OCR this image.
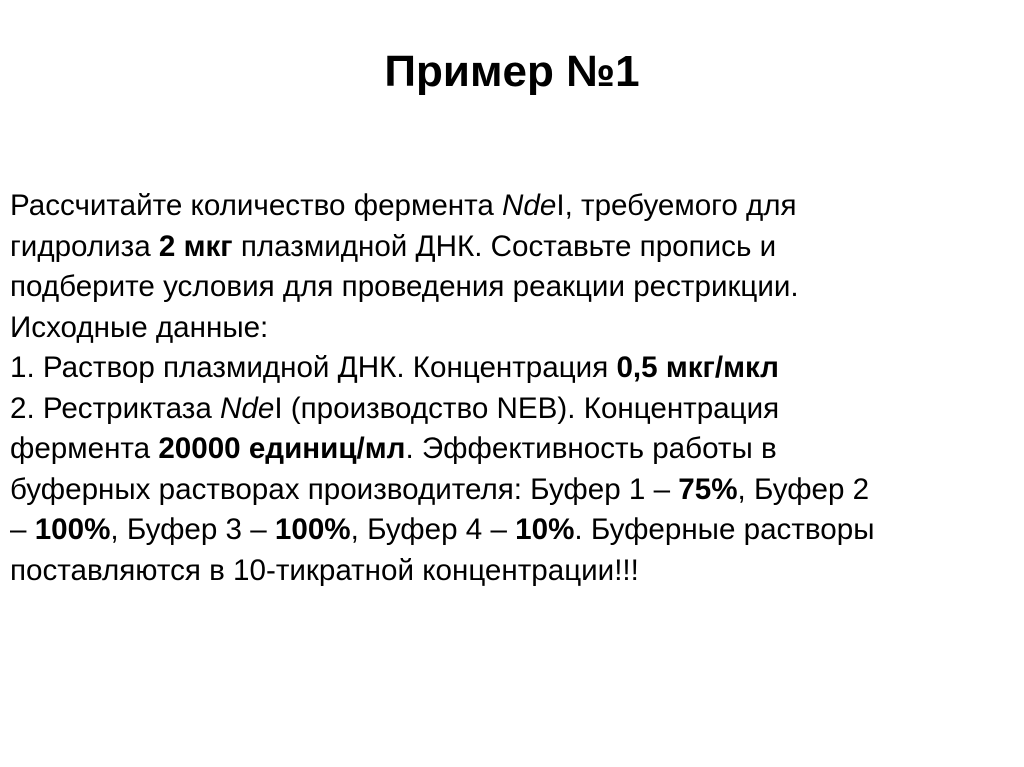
Пример №1
Рассчитайте количество фермента NdeI, требуемого для
гидролиза 2 мкг плазмидной ДНК. Составьте пропись и
подберите условия для проведения реакции рестрикции.
Исходные данные:
1. Раствор плазмидной ДНК. Концентрация 0,5 мкг/мкл
2. Рестриктаза NdeI (производство NEB). Концентрация
фермента 20000 единиц/мл. Эффективность работы в
буферных растворах производителя: Буфер 1 – 75%, Буфер 2
– 100%, Буфер 3 – 100%, Буфер 4 – 10%. Буферные растворы
поставляются в 10-тикратной концентрации!!!
